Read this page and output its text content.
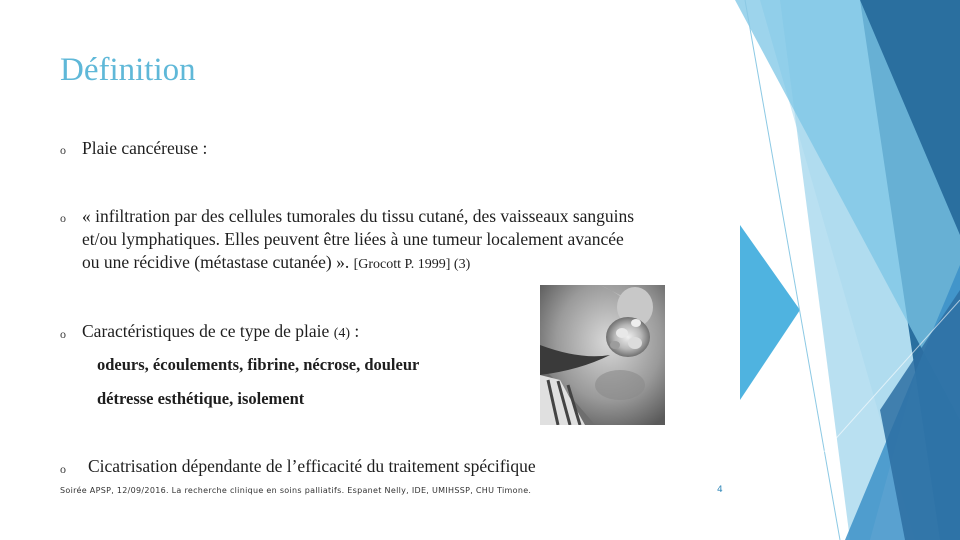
Définition
o Plaie cancéreuse :
o « infiltration par des cellules tumorales du tissu cutané, des vaisseaux sanguins
et/ou lymphatiques. Elles peuvent être liées à une tumeur localement avancée
ou une récidive (métastase cutanée) ». [Grocott P. 1999] (3)
o Caractéristiques de ce type de plaie (4) :
odeurs, écoulements, fibrine, nécrose, douleur
détresse esthétique, isolement
o Cicatrisation dépendante de l’efficacité du traitement spécifique
Soirée APSP, 12/09/2016. La recherche clinique en soins palliatifs. Espanet Nelly, IDE, UMIHSSP, CHU Timone.	4
